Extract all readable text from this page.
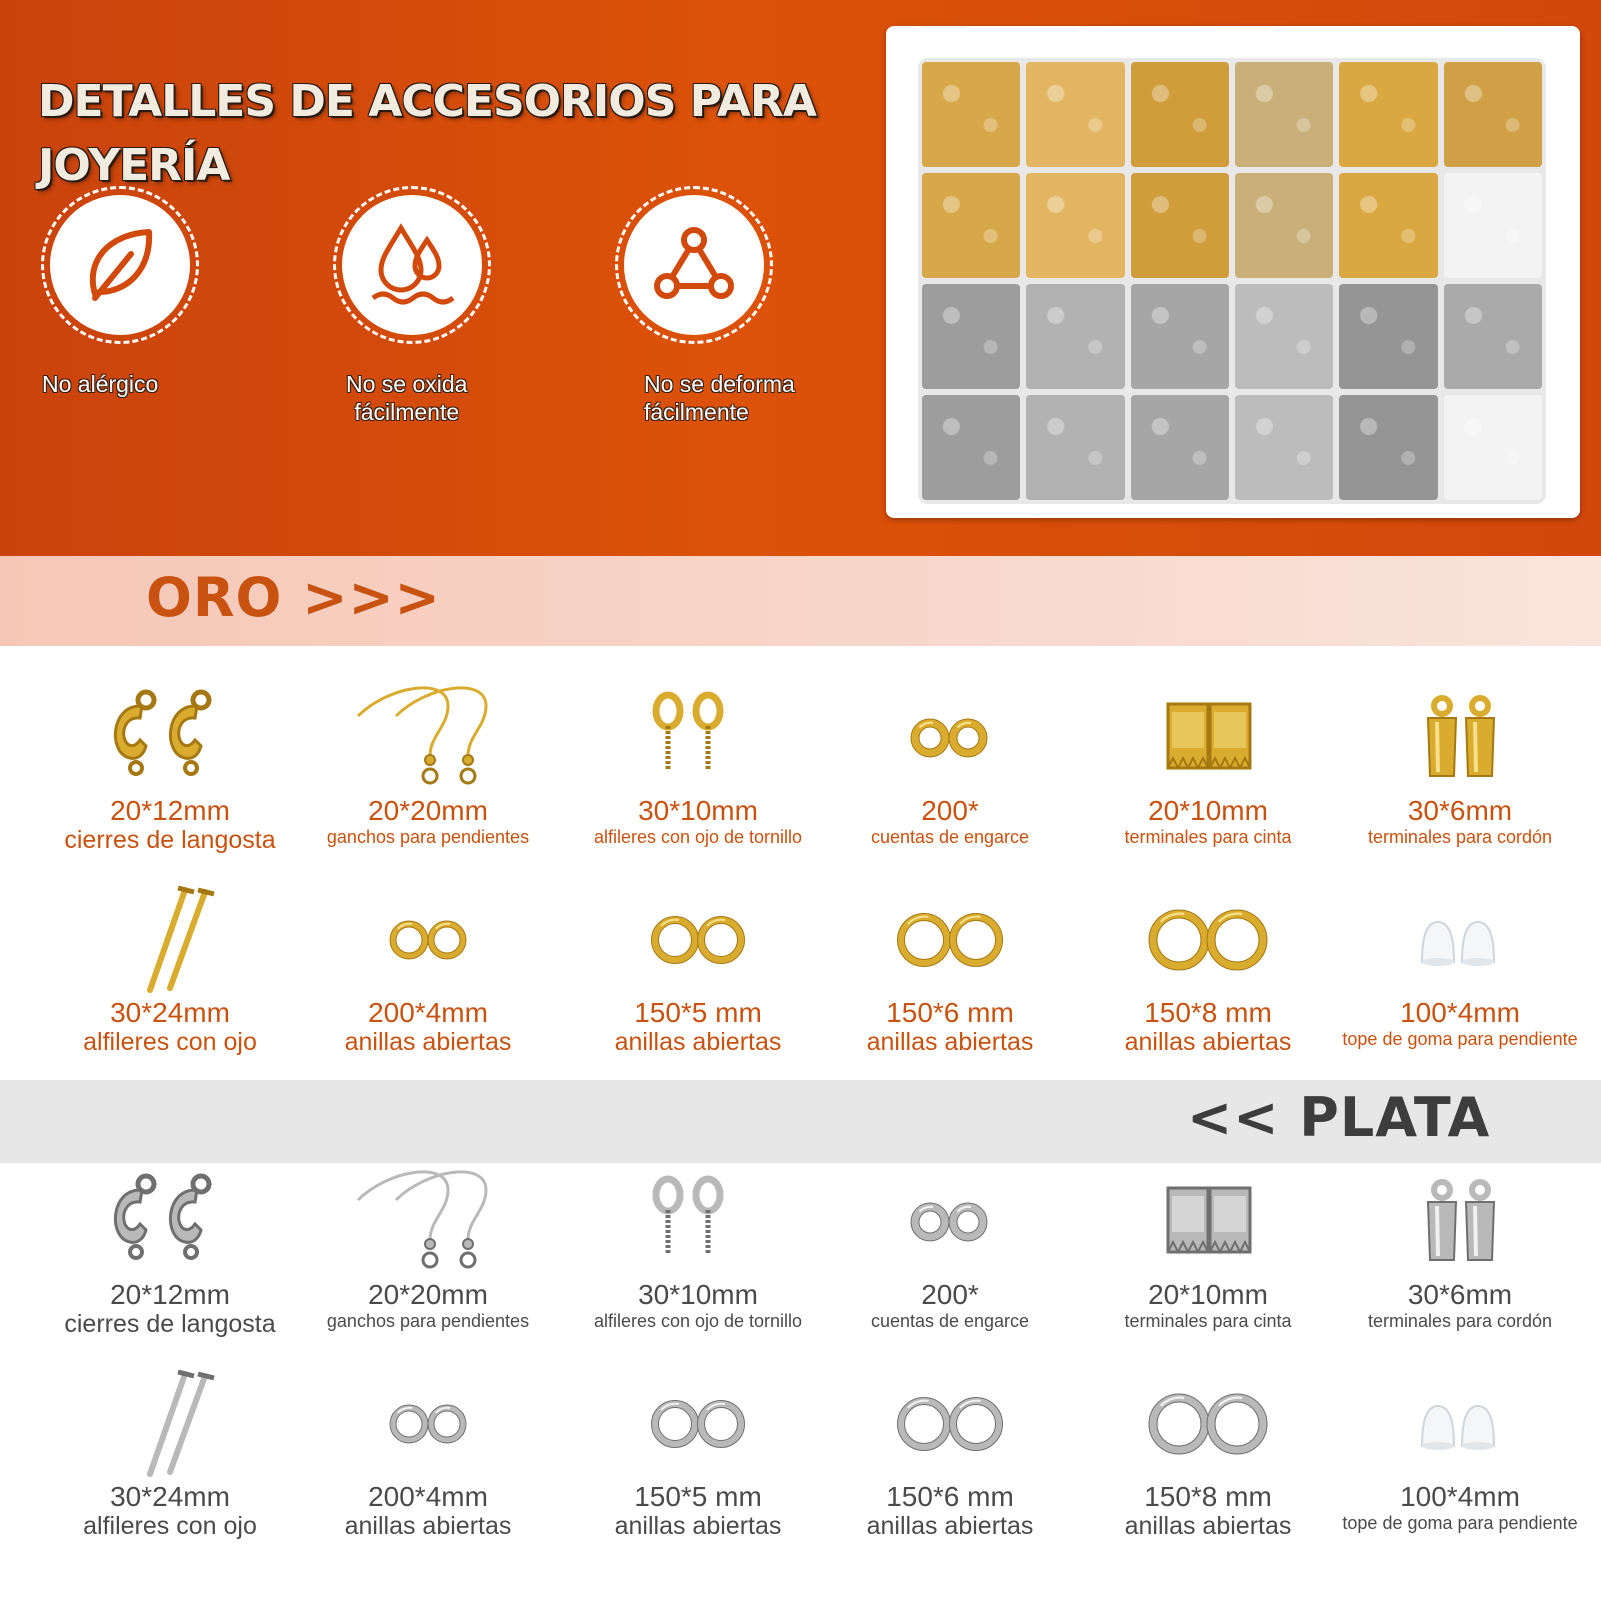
DETALLES DE ACCESORIOS PARA
JOYERÍA
No alérgico	No se oxida
fácilmente
No se deforma
fácilmente
ORO >>>
<< PLATA
20*12mm
cierres de langosta
20*20mm
ganchos para pendientes
30*10mm
alfileres con ojo de tornillo
200*
cuentas de engarce
20*10mm
terminales para cinta
30*6mm
terminales para cordón
30*24mm
alfileres con ojo
200*4mm
anillas abiertas
150*5 mm
anillas abiertas
150*6 mm
anillas abiertas
150*8 mm
anillas abiertas
100*4mm
tope de goma para pendiente
20*12mm
cierres de langosta
20*20mm
ganchos para pendientes
30*10mm
alfileres con ojo de tornillo
200*
cuentas de engarce
20*10mm
terminales para cinta
30*6mm
terminales para cordón
30*24mm
alfileres con ojo
200*4mm
anillas abiertas
150*5 mm
anillas abiertas
150*6 mm
anillas abiertas
150*8 mm
anillas abiertas
100*4mm
tope de goma para pendiente
